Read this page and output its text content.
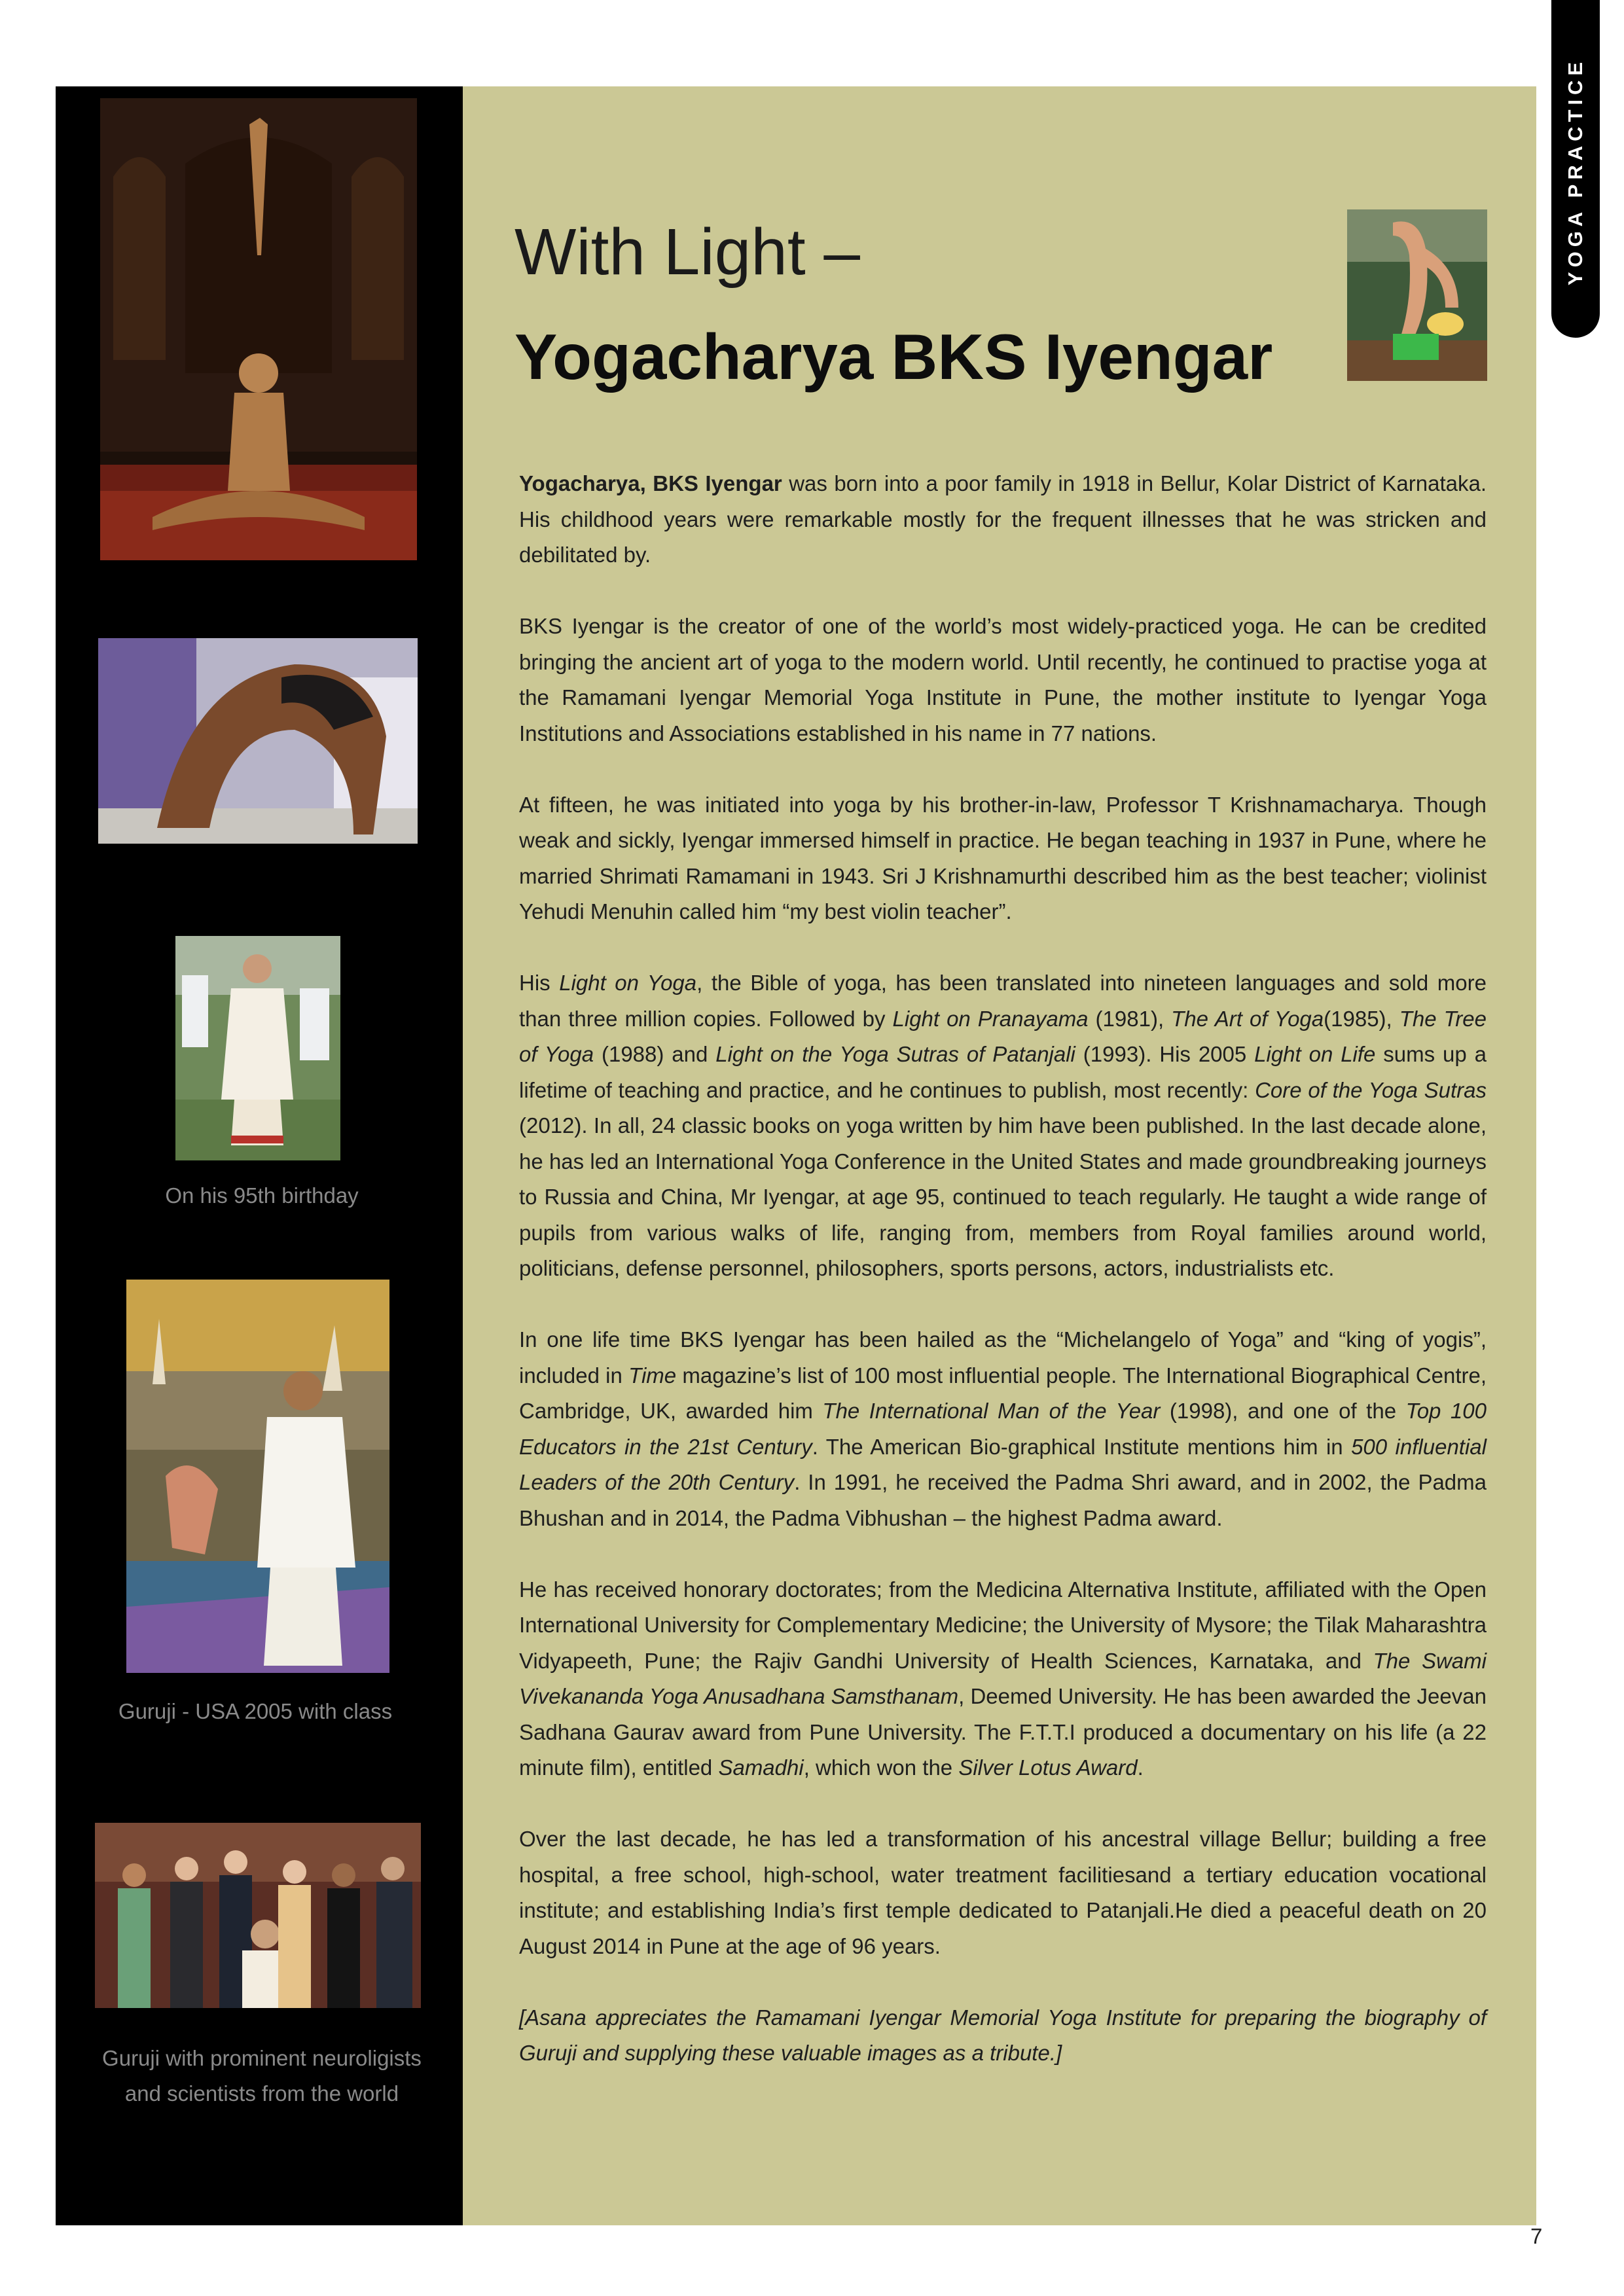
YOGA PRACTICE
On his 95th birthday
Guruji - USA 2005 with class
Guruji with prominent neuroligists
and scientists from the world
With Light –
Yogacharya BKS Iyengar

Yogacharya, BKS Iyengar was born into a poor family in 1918 in Bellur, Kolar District of Karnataka. His childhood years were remarkable mostly for the frequent illnesses that he was stricken and debilitated by.

BKS Iyengar is the creator of one of the world’s most widely-practiced yoga. He can be credited bringing the ancient art of yoga to the modern world. Until recently, he continued to practise yoga at the Ramamani Iyengar Memorial Yoga Institute in Pune, the mother institute to Iyengar Yoga Institutions and Associations established in his name in 77 nations.

At fifteen, he was initiated into yoga by his brother-in-law, Professor T Krishnamacharya. Though weak and sickly, Iyengar immersed himself in practice. He began teaching in 1937 in Pune, where he married Shrimati Ramamani in 1943. Sri J Krishnamurthi described him as the best teacher; violinist Yehudi Menuhin called him “my best violin teacher”.

His Light on Yoga, the Bible of yoga, has been translated into nineteen languages and sold more than three million copies. Followed by Light on Pranayama (1981), The Art of Yoga(1985), The Tree of Yoga (1988) and Light on the Yoga Sutras of Patanjali (1993). His 2005 Light on Life sums up a lifetime of teaching and practice, and he continues to publish, most recently: Core of the Yoga Sutras (2012). In all, 24 classic books on yoga written by him have been published. In the last decade alone, he has led an International Yoga Conference in the United States and made groundbreaking journeys to Russia and China, Mr Iyengar, at age 95, continued to teach regularly. He taught a wide range of pupils from various walks of life, ranging from, members from Royal families around world, politicians, defense personnel, philosophers, sports persons, actors, industrialists etc.

In one life time BKS Iyengar has been hailed as the “Michelangelo of Yoga” and “king of yogis”, included in Time magazine’s list of 100 most influential people. The International Biographical Centre, Cambridge, UK, awarded him The International Man of the Year (1998), and one of the Top 100 Educators in the 21st Century. The American Bio-graphical Institute mentions him in 500 influential Leaders of the 20th Century. In 1991, he received the Padma Shri award, and in 2002, the Padma Bhushan and in 2014, the Padma Vibhushan – the highest Padma award.

He has received honorary doctorates; from the Medicina Alternativa Institute, affiliated with the Open International University for Complementary Medicine; the University of Mysore; the Tilak Maharashtra Vidyapeeth, Pune; the Rajiv Gandhi University of Health Sciences, Karnataka, and The Swami Vivekananda Yoga Anusadhana Samsthanam, Deemed University. He has been awarded the Jeevan Sadhana Gaurav award from Pune University. The F.T.T.I produced a documentary on his life (a 22 minute film), entitled Samadhi, which won the Silver Lotus Award.

Over the last decade, he has led a transformation of his ancestral village Bellur; building a free hospital, a free school, high-school, water treatment facilitiesand a tertiary education vocational institute; and establishing India’s first temple dedicated to Patanjali.He died a peaceful death on 20 August 2014 in Pune at the age of 96 years.

[Asana appreciates the Ramamani Iyengar Memorial Yoga Institute for preparing the biography of Guruji and supplying these valuable images as a tribute.]

7
